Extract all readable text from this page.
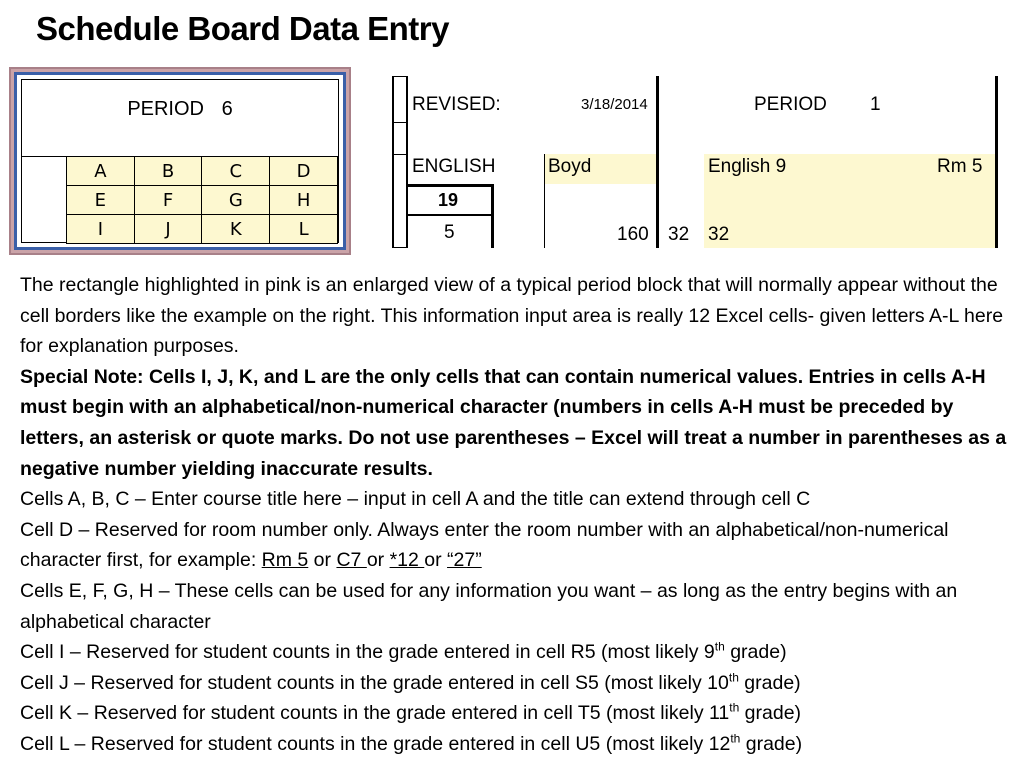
Schedule Board Data Entry
PERIOD 6
A	B	C	D
E	F	G	H
I	J	K	L
REVISED:	3/18/2014	PERIOD 1
ENGLISH	Boyd	English 9	Rm 5
19
5	160 32 32

The rectangle highlighted in pink is an enlarged view of a typical period block that will normally appear without the cell borders like the example on the right. This information input area is really 12 Excel cells- given letters A-L here for explanation purposes.

Special Note: Cells I, J, K, and L are the only cells that can contain numerical values. Entries in cells A-H must begin with an alphabetical/non-numerical character (numbers in cells A-H must be preceded by letters, an asterisk or quote marks. Do not use parentheses – Excel will treat a number in parentheses as a negative number yielding inaccurate results.

Cells A, B, C – Enter course title here – input in cell A and the title can extend through cell C

Cell D – Reserved for room number only. Always enter the room number with an alphabetical/non-numerical character first, for example: Rm 5 or C7 or *12 or “27”

Cells E, F, G, H – These cells can be used for any information you want – as long as the entry begins with an alphabetical character

Cell I – Reserved for student counts in the grade entered in cell R5 (most likely 9th grade)

Cell J – Reserved for student counts in the grade entered in cell S5 (most likely 10th grade)

Cell K – Reserved for student counts in the grade entered in cell T5 (most likely 11th grade)

Cell L – Reserved for student counts in the grade entered in cell U5 (most likely 12th grade)
